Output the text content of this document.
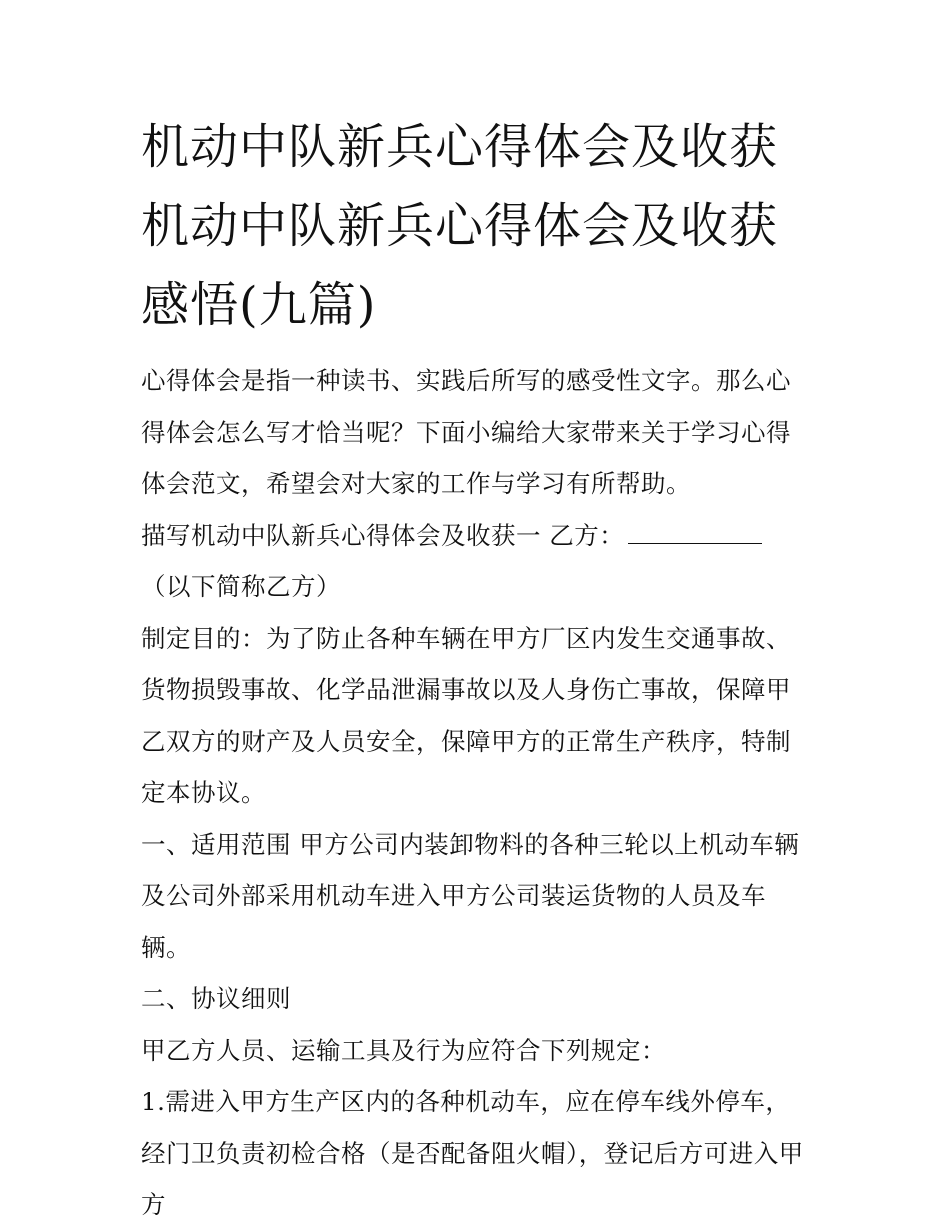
机动中队新兵心得体会及收获机动中队新兵心得体会及收获感悟(九篇)

心得体会是指一种读书、实践后所写的感受性文字。那么心得体会怎么写才恰当呢？下面小编给大家带来关于学习心得体会范文，希望会对大家的工作与学习有所帮助。

描写机动中队新兵心得体会及收获一 乙方：（以下简称乙方）

制定目的：为了防止各种车辆在甲方厂区内发生交通事故、货物损毁事故、化学品泄漏事故以及人身伤亡事故，保障甲乙双方的财产及人员安全，保障甲方的正常生产秩序，特制定本协议。

一、适用范围 甲方公司内装卸物料的各种三轮以上机动车辆及公司外部采用机动车进入甲方公司装运货物的人员及车辆。

二、协议细则

甲乙方人员、运输工具及行为应符合下列规定：

1.需进入甲方生产区内的各种机动车，应在停车线外停车，经门卫负责初检合格（是否配备阻火帽），登记后方可进入甲方
